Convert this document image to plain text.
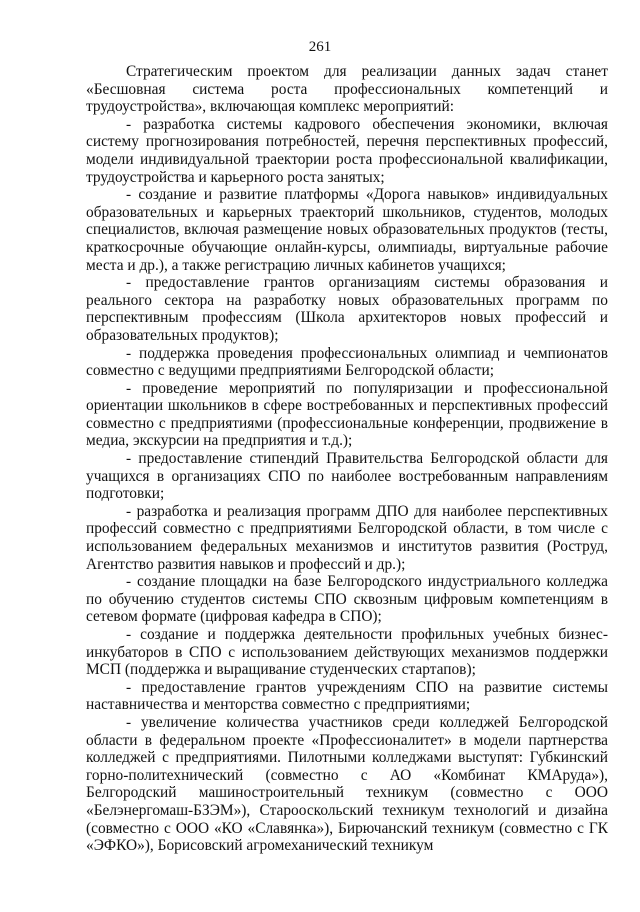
261

Стратегическим проектом для реализации данных задач станет «Бесшовная система роста профессиональных компетенций и трудоустройства», включающая комплекс мероприятий:

- разработка системы кадрового обеспечения экономики, включая систему прогнозирования потребностей, перечня перспективных профессий, модели индивидуальной траектории роста профессиональной квалификации, трудоустройства и карьерного роста занятых;

- создание и развитие платформы «Дорога навыков» индивидуальных образовательных и карьерных траекторий школьников, студентов, молодых специалистов, включая размещение новых образовательных продуктов (тесты, краткосрочные обучающие онлайн-курсы, олимпиады, виртуальные рабочие места и др.), а также регистрацию личных кабинетов учащихся;

- предоставление грантов организациям системы образования и реального сектора на разработку новых образовательных программ по перспективным профессиям (Школа архитекторов новых профессий и образовательных продуктов);

- поддержка проведения профессиональных олимпиад и чемпионатов совместно с ведущими предприятиями Белгородской области;

- проведение мероприятий по популяризации и профессиональной ориентации школьников в сфере востребованных и перспективных профессий совместно с предприятиями (профессиональные конференции, продвижение в медиа, экскурсии на предприятия и т.д.);

- предоставление стипендий Правительства Белгородской области для учащихся в организациях СПО по наиболее востребованным направлениям подготовки;

- разработка и реализация программ ДПО для наиболее перспективных профессий совместно с предприятиями Белгородской области, в том числе с использованием федеральных механизмов и институтов развития (Роструд, Агентство развития навыков и профессий и др.);

- создание площадки на базе Белгородского индустриального колледжа по обучению студентов системы СПО сквозным цифровым компетенциям в сетевом формате (цифровая кафедра в СПО);

- создание и поддержка деятельности профильных учебных бизнес-инкубаторов в СПО с использованием действующих механизмов поддержки МСП (поддержка и выращивание студенческих стартапов);

- предоставление грантов учреждениям СПО на развитие системы наставничества и менторства совместно с предприятиями;

- увеличение количества участников среди колледжей Белгородской области в федеральном проекте «Профессионалитет» в модели партнерства колледжей с предприятиями. Пилотными колледжами выступят: Губкинский горно-политехнический (совместно с АО «Комбинат КМАруда»), Белгородский машиностроительный техникум (совместно с ООО «Белэнергомаш-БЗЭМ»), Старооскольский техникум технологий и дизайна (совместно с ООО «КО «Славянка»), Бирючанский техникум (совместно с ГК «ЭФКО»), Борисовский агромеханический техникум
